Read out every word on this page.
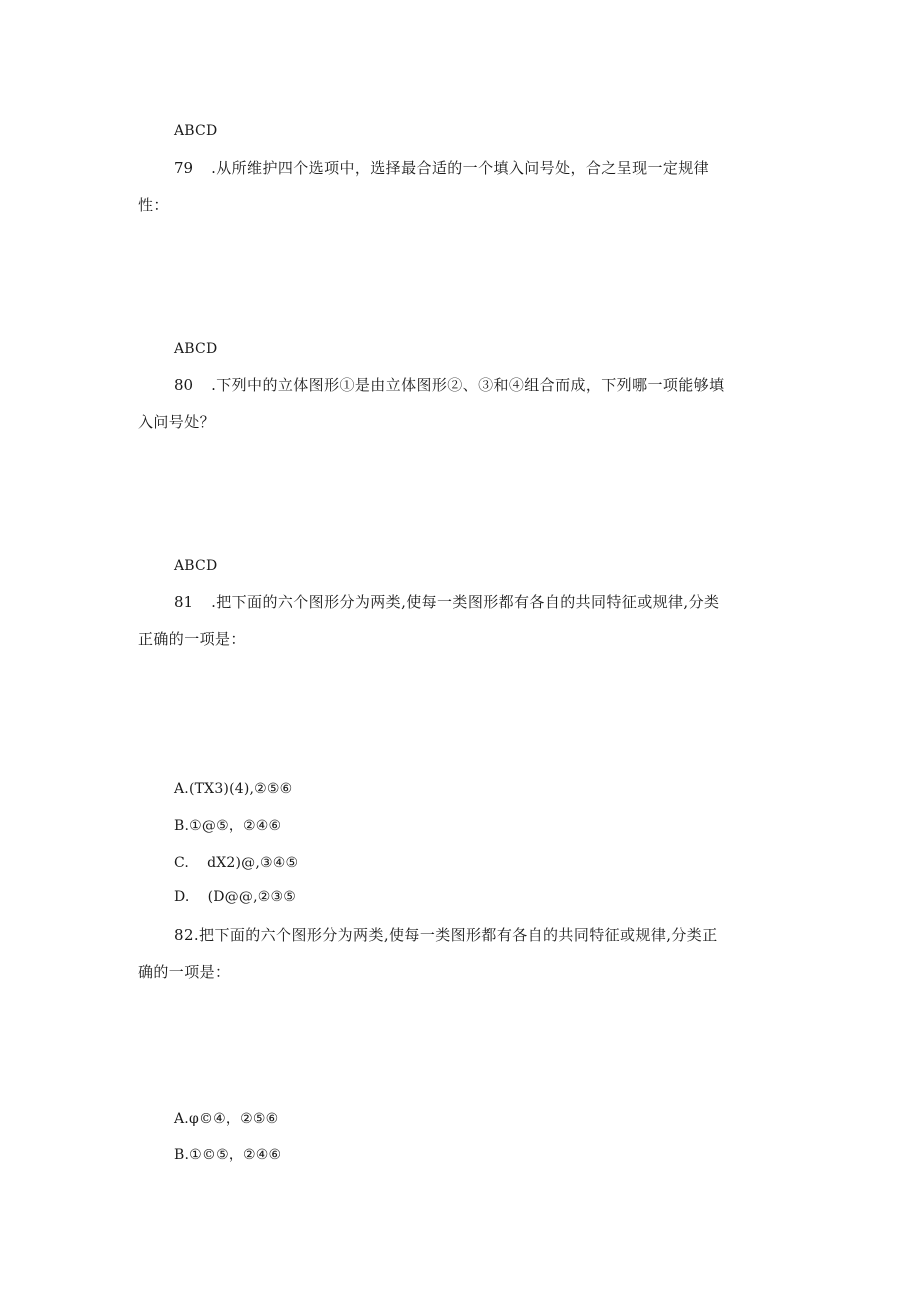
ABCD
79 .从所维护四个选项中，选择最合适的一个填入问号处，合之呈现一定规律
性：
ABCD
80 .下列中的立体图形①是由立体图形②、③和④组合而成，下列哪一项能够填
入问号处？
ABCD
81 .把下面的六个图形分为两类,使每一类图形都有各自的共同特征或规律,分类
正确的一项是：
A.(TX3)(4),②⑤⑥
B.①@⑤，②④⑥
C. dX2)@,③④⑤
D. (D@@,②③⑤
82.把下面的六个图形分为两类,使每一类图形都有各自的共同特征或规律,分类正
确的一项是：
A.φ©④，②⑤⑥
B.①©⑤，②④⑥
